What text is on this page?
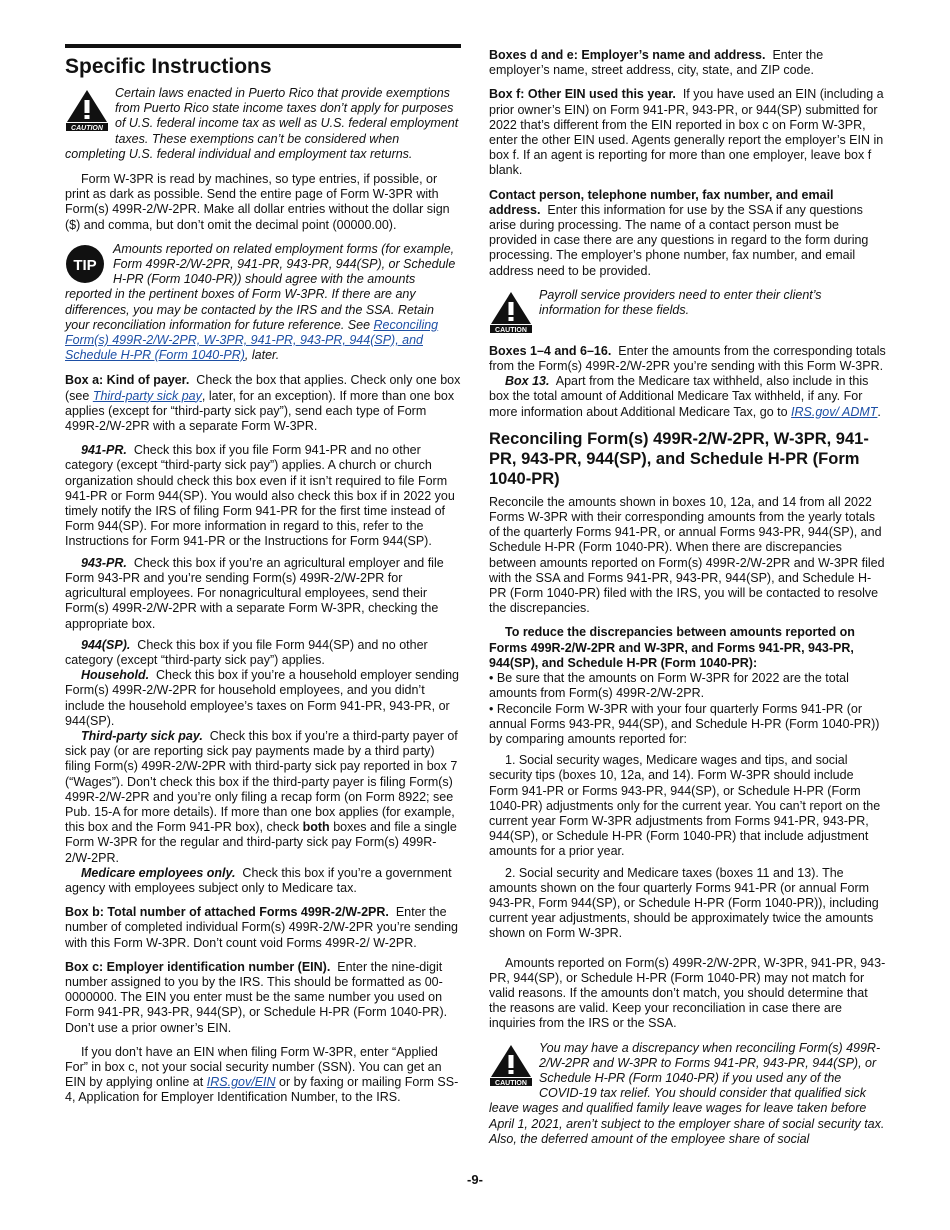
Specific Instructions
CAUTION
Certain laws enacted in Puerto Rico that provide exemptions from Puerto Rico state income taxes don’t apply for purposes of U.S. federal income tax as well as U.S. federal employment taxes. These exemptions can’t be considered when completing U.S. federal individual and employment tax returns.

Form W-3PR is read by machines, so type entries, if possible, or print as dark as possible. Send the entire page of Form W-3PR with Form(s) 499R-2/W-2PR. Make all dollar entries without the dollar sign ($) and comma, but don’t omit the decimal point (00000.00).

TIP
Amounts reported on related employment forms (for example, Form 499R-2/W-2PR, 941-PR, 943-PR, 944(SP), or Schedule H-PR (Form 1040-PR)) should agree with the amounts reported in the pertinent boxes of Form W-3PR. If there are any differences, you may be contacted by the IRS and the SSA. Retain your reconciliation information for future reference. See Reconciling Form(s) 499R-2/W-2PR, W-3PR, 941-PR, 943-PR, 944(SP), and Schedule H-PR (Form 1040-PR), later.

Box a: Kind of payer. Check the box that applies. Check only one box (see Third-party sick pay, later, for an exception). If more than one box applies (except for “third-party sick pay”), send each type of Form 499R-2/W-2PR with a separate Form W-3PR.

941-PR. Check this box if you file Form 941-PR and no other category (except “third-party sick pay”) applies. A church or church organization should check this box even if it isn’t required to file Form 941-PR or Form 944(SP). You would also check this box if in 2022 you timely notify the IRS of filing Form 941-PR for the first time instead of Form 944(SP). For more information in regard to this, refer to the Instructions for Form 941-PR or the Instructions for Form 944(SP).

943-PR. Check this box if you’re an agricultural employer and file Form 943-PR and you’re sending Form(s) 499R-2/W-2PR for agricultural employees. For nonagricultural employees, send their Form(s) 499R-2/W-2PR with a separate Form W-3PR, checking the appropriate box.

944(SP). Check this box if you file Form 944(SP) and no other category (except “third-party sick pay”) applies.

Household. Check this box if you’re a household employer sending Form(s) 499R-2/W-2PR for household employees, and you didn’t include the household employee’s taxes on Form 941-PR, 943-PR, or 944(SP).

Third-party sick pay. Check this box if you’re a third-party payer of sick pay (or are reporting sick pay payments made by a third party) filing Form(s) 499R-2/W-2PR with third-party sick pay reported in box 7 (“Wages”). Don’t check this box if the third-party payer is filing Form(s) 499R-2/W-2PR and you’re only filing a recap form (on Form 8922; see Pub. 15-A for more details). If more than one box applies (for example, this box and the Form 941-PR box), check both boxes and file a single Form W-3PR for the regular and third-party sick pay Form(s) 499R-2/W-2PR.

Medicare employees only. Check this box if you’re a government agency with employees subject only to Medicare tax.

Box b: Total number of attached Forms 499R-2/W-2PR. Enter the number of completed individual Form(s) 499R-2/W-2PR you’re sending with this Form W-3PR. Don’t count void Forms 499R-2/ W-2PR.

Box c: Employer identification number (EIN). Enter the nine-digit number assigned to you by the IRS. This should be formatted as 00-0000000. The EIN you enter must be the same number you used on Form 941-PR, 943-PR, 944(SP), or Schedule H-PR (Form 1040-PR). Don’t use a prior owner’s EIN.

If you don’t have an EIN when filing Form W-3PR, enter “Applied For” in box c, not your social security number (SSN). You can get an EIN by applying online at IRS.gov/EIN or by faxing or mailing Form SS-4, Application for Employer Identification Number, to the IRS.

Boxes d and e: Employer’s name and address. Enter the employer’s name, street address, city, state, and ZIP code.

Box f: Other EIN used this year. If you have used an EIN (including a prior owner’s EIN) on Form 941-PR, 943-PR, or 944(SP) submitted for 2022 that’s different from the EIN reported in box c on Form W-3PR, enter the other EIN used. Agents generally report the employer’s EIN in box f. If an agent is reporting for more than one employer, leave box f blank.

Contact person, telephone number, fax number, and email address. Enter this information for use by the SSA if any questions arise during processing. The name of a contact person must be provided in case there are any questions in regard to the form during processing. The employer’s phone number, fax number, and email address need to be provided.

CAUTION
Payroll service providers need to enter their client’s information for these fields.

Boxes 1–4 and 6–16. Enter the amounts from the corresponding totals from the Form(s) 499R-2/W-2PR you’re sending with this Form W-3PR.

Box 13. Apart from the Medicare tax withheld, also include in this box the total amount of Additional Medicare Tax withheld, if any. For more information about Additional Medicare Tax, go to IRS.gov/ ADMT.

Reconciling Form(s) 499R-2/W-2PR, W-3PR, 941-PR, 943-PR, 944(SP), and Schedule H-PR (Form 1040-PR)

Reconcile the amounts shown in boxes 10, 12a, and 14 from all 2022 Forms W-3PR with their corresponding amounts from the yearly totals of the quarterly Forms 941-PR, or annual Forms 943-PR, 944(SP), and Schedule H-PR (Form 1040-PR). When there are discrepancies between amounts reported on Form(s) 499R-2/W-2PR and W-3PR filed with the SSA and Forms 941-PR, 943-PR, 944(SP), and Schedule H-PR (Form 1040-PR) filed with the IRS, you will be contacted to resolve the discrepancies.

To reduce the discrepancies between amounts reported on Forms 499R-2/W-2PR and W-3PR, and Forms 941-PR, 943-PR, 944(SP), and Schedule H-PR (Form 1040-PR):

• Be sure that the amounts on Form W-3PR for 2022 are the total amounts from Form(s) 499R-2/W-2PR.

• Reconcile Form W-3PR with your four quarterly Forms 941-PR (or annual Forms 943-PR, 944(SP), and Schedule H-PR (Form 1040-PR)) by comparing amounts reported for:

1. Social security wages, Medicare wages and tips, and social security tips (boxes 10, 12a, and 14). Form W-3PR should include Form 941-PR or Forms 943-PR, 944(SP), or Schedule H-PR (Form 1040-PR) adjustments only for the current year. You can’t report on the current year Form W-3PR adjustments from Forms 941-PR, 943-PR, 944(SP), or Schedule H-PR (Form 1040-PR) that include adjustment amounts for a prior year.

2. Social security and Medicare taxes (boxes 11 and 13). The amounts shown on the four quarterly Forms 941-PR (or annual Form 943-PR, Form 944(SP), or Schedule H-PR (Form 1040-PR)), including current year adjustments, should be approximately twice the amounts shown on Form W-3PR.

Amounts reported on Form(s) 499R-2/W-2PR, W-3PR, 941-PR, 943-PR, 944(SP), or Schedule H-PR (Form 1040-PR) may not match for valid reasons. If the amounts don’t match, you should determine that the reasons are valid. Keep your reconciliation in case there are inquiries from the IRS or the SSA.

CAUTION
You may have a discrepancy when reconciling Form(s) 499R-2/W-2PR and W-3PR to Forms 941-PR, 943-PR, 944(SP), or Schedule H-PR (Form 1040-PR) if you used any of the COVID-19 tax relief. You should consider that qualified sick leave wages and qualified family leave wages for leave taken before April 1, 2021, aren’t subject to the employer share of social security tax. Also, the deferred amount of the employee share of social
-9-
